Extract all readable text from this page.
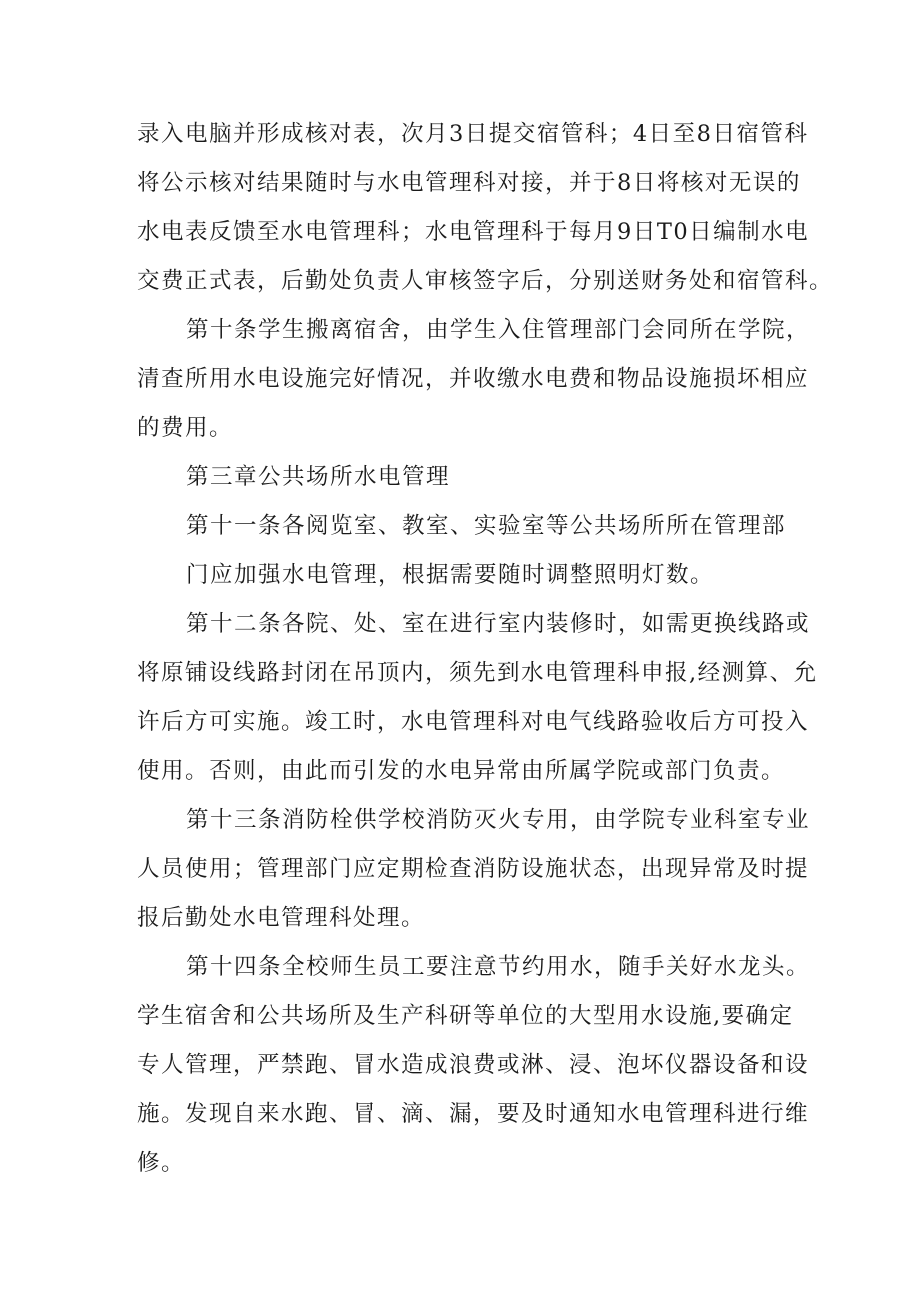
录入电脑并形成核对表，次月3日提交宿管科；4日至8日宿管科
将公示核对结果随时与水电管理科对接，并于8日将核对无误的
水电表反馈至水电管理科；水电管理科于每月9日T0日编制水电
交费正式表，后勤处负责人审核签字后，分别送财务处和宿管科。
第十条学生搬离宿舍，由学生入住管理部门会同所在学院，
清查所用水电设施完好情况，并收缴水电费和物品设施损坏相应
的费用。
第三章公共场所水电管理
第十一条各阅览室、教室、实验室等公共场所所在管理部
门应加强水电管理，根据需要随时调整照明灯数。
第十二条各院、处、室在进行室内装修时，如需更换线路或
将原铺设线路封闭在吊顶内，须先到水电管理科申报,经测算、允
许后方可实施。竣工时，水电管理科对电气线路验收后方可投入
使用。否则，由此而引发的水电异常由所属学院或部门负责。
第十三条消防栓供学校消防灭火专用，由学院专业科室专业
人员使用；管理部门应定期检查消防设施状态，出现异常及时提
报后勤处水电管理科处理。
第十四条全校师生员工要注意节约用水，随手关好水龙头。
学生宿舍和公共场所及生产科研等单位的大型用水设施,要确定
专人管理，严禁跑、冒水造成浪费或淋、浸、泡坏仪器设备和设
施。发现自来水跑、冒、滴、漏，要及时通知水电管理科进行维
修。
